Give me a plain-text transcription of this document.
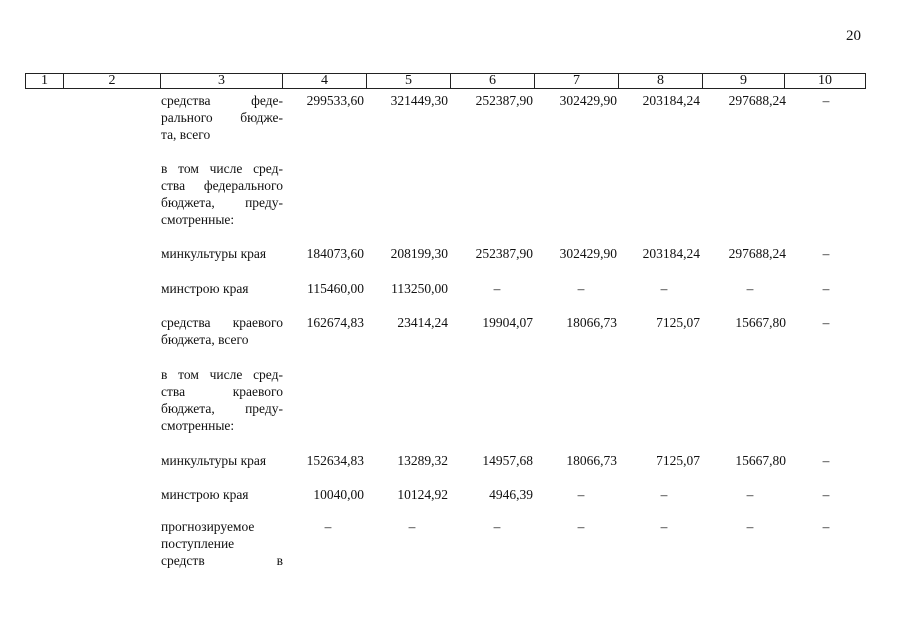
20
1	2	3	4	5	6	7	8	9	10
средства феде-
рального бюдже-
та, всего
299533,60	321449,30	252387,90	302429,90	203184,24	297688,24	–
в том числе сред-
ства федерального
бюджета, преду-
смотренные:
минкультуры края	184073,60	208199,30	252387,90	302429,90	203184,24	297688,24	–
минстрою края	115460,00	113250,00	–	–	–	–	–
средства краевого
бюджета, всего
162674,83	23414,24	19904,07	18066,73	7125,07	15667,80	–
в том числе сред-
ства краевого
бюджета, преду-
смотренные:
минкультуры края	152634,83	13289,32	14957,68	18066,73	7125,07	15667,80	–
минстрою края	10040,00	10124,92	4946,39	–	–	–	–
прогнозируемое
поступление
средств в
–	–	–	–	–	–	–
